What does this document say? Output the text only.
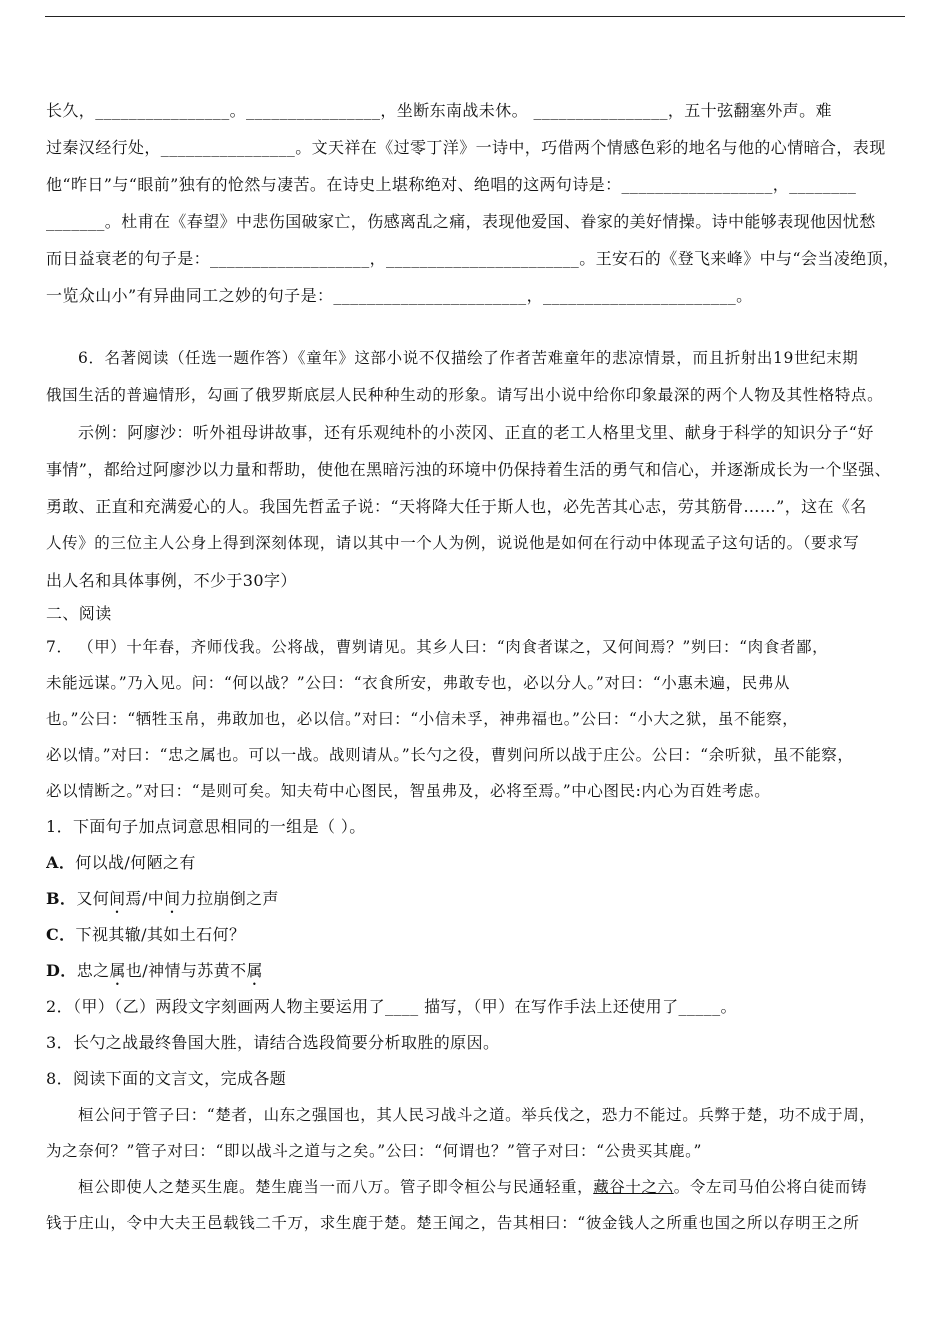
长久，________________。________________，坐断东南战未休。 ________________，五十弦翻塞外声。难
过秦汉经行处，________________。文天祥在《过零丁洋》一诗中，巧借两个情感色彩的地名与他的心情暗合，表现
他“昨日”与“眼前”独有的怆然与凄苦。在诗史上堪称绝对、绝唱的这两句诗是：__________________，________
_______。杜甫在《春望》中悲伤国破家亡，伤感离乱之痛，表现他爱国、眷家的美好情操。诗中能够表现他因忧愁
而日益衰老的句子是：___________________，_______________________。王安石的《登飞来峰》中与“会当凌绝顶，
一览众山小”有异曲同工之妙的句子是：_______________________，_______________________。
6．名著阅读（任选一题作答）《童年》这部小说不仅描绘了作者苦难童年的悲凉情景，而且折射出19世纪末期
俄国生活的普遍情形，勾画了俄罗斯底层人民种种生动的形象。请写出小说中给你印象最深的两个人物及其性格特点。
示例：阿廖沙：听外祖母讲故事，还有乐观纯朴的小茨冈、正直的老工人格里戈里、献身于科学的知识分子“好
事情”，都给过阿廖沙以力量和帮助，使他在黑暗污浊的环境中仍保持着生活的勇气和信心，并逐渐成长为一个坚强、
勇敢、正直和充满爱心的人。我国先哲孟子说：“天将降大任于斯人也，必先苦其心志，劳其筋骨……”，这在《名
人传》的三位主人公身上得到深刻体现，请以其中一个人为例，说说他是如何在行动中体现孟子这句话的。（要求写
出人名和具体事例，不少于30字）
二、阅读
7． （甲）十年春，齐师伐我。公将战，曹刿请见。其乡人曰：“肉食者谋之，又何间焉？”刿曰：“肉食者鄙，
未能远谋。”乃入见。问：“何以战？”公曰：“衣食所安，弗敢专也，必以分人。”对曰：“小惠未遍，民弗从
也。”公曰：“牺牲玉帛，弗敢加也，必以信。”对曰：“小信未孚，神弗福也。”公曰：“小大之狱，虽不能察，
必以情。”对曰：“忠之属也。可以一战。战则请从。”长勺之役，曹刿问所以战于庄公。公曰：“余听狱，虽不能察，
必以情断之。”对曰：“是则可矣。知夫苟中心图民，智虽弗及，必将至焉。”中心图民:内心为百姓考虑。
1．下面句子加点词意思相同的一组是（ ）。
A．何以战/何陋之有
B．又何间焉/中间力拉崩倒之声
C．下视其辙/其如土石何？
D．忠之属也/神情与苏黄不属
2．（甲）（乙）两段文字刻画两人物主要运用了____ 描写，（甲）在写作手法上还使用了_____。
3．长勺之战最终鲁国大胜，请结合选段简要分析取胜的原因。
8．阅读下面的文言文，完成各题
桓公问于管子曰：“楚者，山东之强国也，其人民习战斗之道。举兵伐之，恐力不能过。兵弊于楚，功不成于周，
为之奈何？”管子对曰：“即以战斗之道与之矣。”公曰：“何谓也？”管子对曰：“公贵买其鹿。”
桓公即使人之楚买生鹿。楚生鹿当一而八万。管子即令桓公与民通轻重，藏谷十之六。令左司马伯公将白徒而铸
钱于庄山，令中大夫王邑载钱二千万，求生鹿于楚。楚王闻之，告其相曰：“彼金钱人之所重也国之所以存明王之所
